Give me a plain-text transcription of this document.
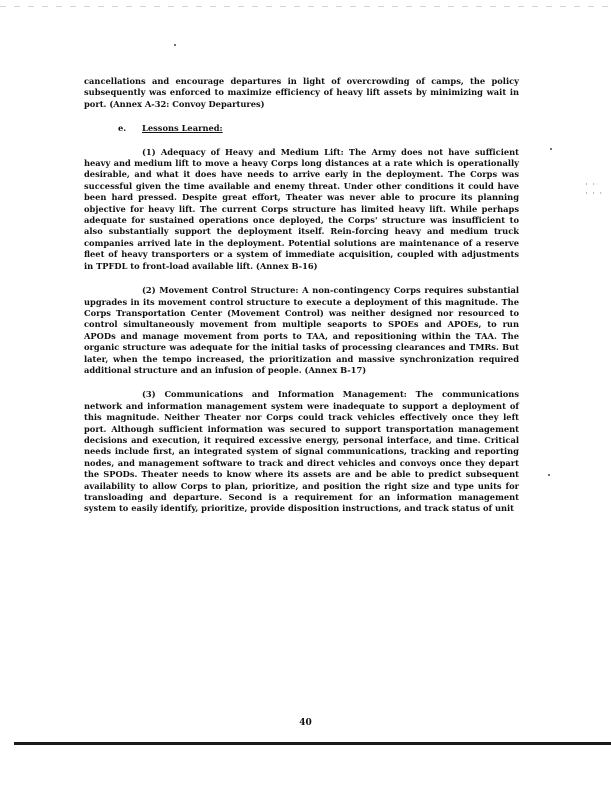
· ·
· · ·

cancellations and encourage departures in light of overcrowding of camps, the policy subsequently was enforced to maximize efficiency of heavy lift assets by minimizing wait in port. (Annex A-32: Convoy Departures)

e. Lessons Learned:

(1) Adequacy of Heavy and Medium Lift: The Army does not have sufficient heavy and medium lift to move a heavy Corps long distances at a rate which is operationally desirable, and what it does have needs to arrive early in the deployment. The Corps was successful given the time available and enemy threat. Under other conditions it could have been hard pressed. Despite great effort, Theater was never able to procure its planning objective for heavy lift. The current Corps structure has limited heavy lift. While perhaps adequate for sustained operations once deployed, the Corps' structure was insufficient to also substantially support the deployment itself. Rein-forcing heavy and medium truck companies arrived late in the deployment. Potential solutions are maintenance of a reserve fleet of heavy transporters or a system of immediate acquisition, coupled with adjustments in TPFDL to front-load available lift. (Annex B-16)

(2) Movement Control Structure: A non-contingency Corps requires substantial upgrades in its movement control structure to execute a deployment of this magnitude. The Corps Transportation Center (Movement Control) was neither designed nor resourced to control simultaneously movement from multiple seaports to SPOEs and APOEs, to run APODs and manage movement from ports to TAA, and repositioning within the TAA. The organic structure was adequate for the initial tasks of processing clearances and TMRs. But later, when the tempo increased, the prioritization and massive synchronization required additional structure and an infusion of people. (Annex B-17)

(3) Communications and Information Management: The communications network and information management system were inadequate to support a deployment of this magnitude. Neither Theater nor Corps could track vehicles effectively once they left port. Although sufficient information was secured to support transportation management decisions and execution, it required excessive energy, personal interface, and time. Critical needs include first, an integrated system of signal communications, tracking and reporting nodes, and management software to track and direct vehicles and convoys once they depart the SPODs. Theater needs to know where its assets are and be able to predict subsequent availability to allow Corps to plan, prioritize, and position the right size and type units for transloading and departure. Second is a requirement for an information management system to easily identify, prioritize, provide disposition instructions, and track status of unit

40
